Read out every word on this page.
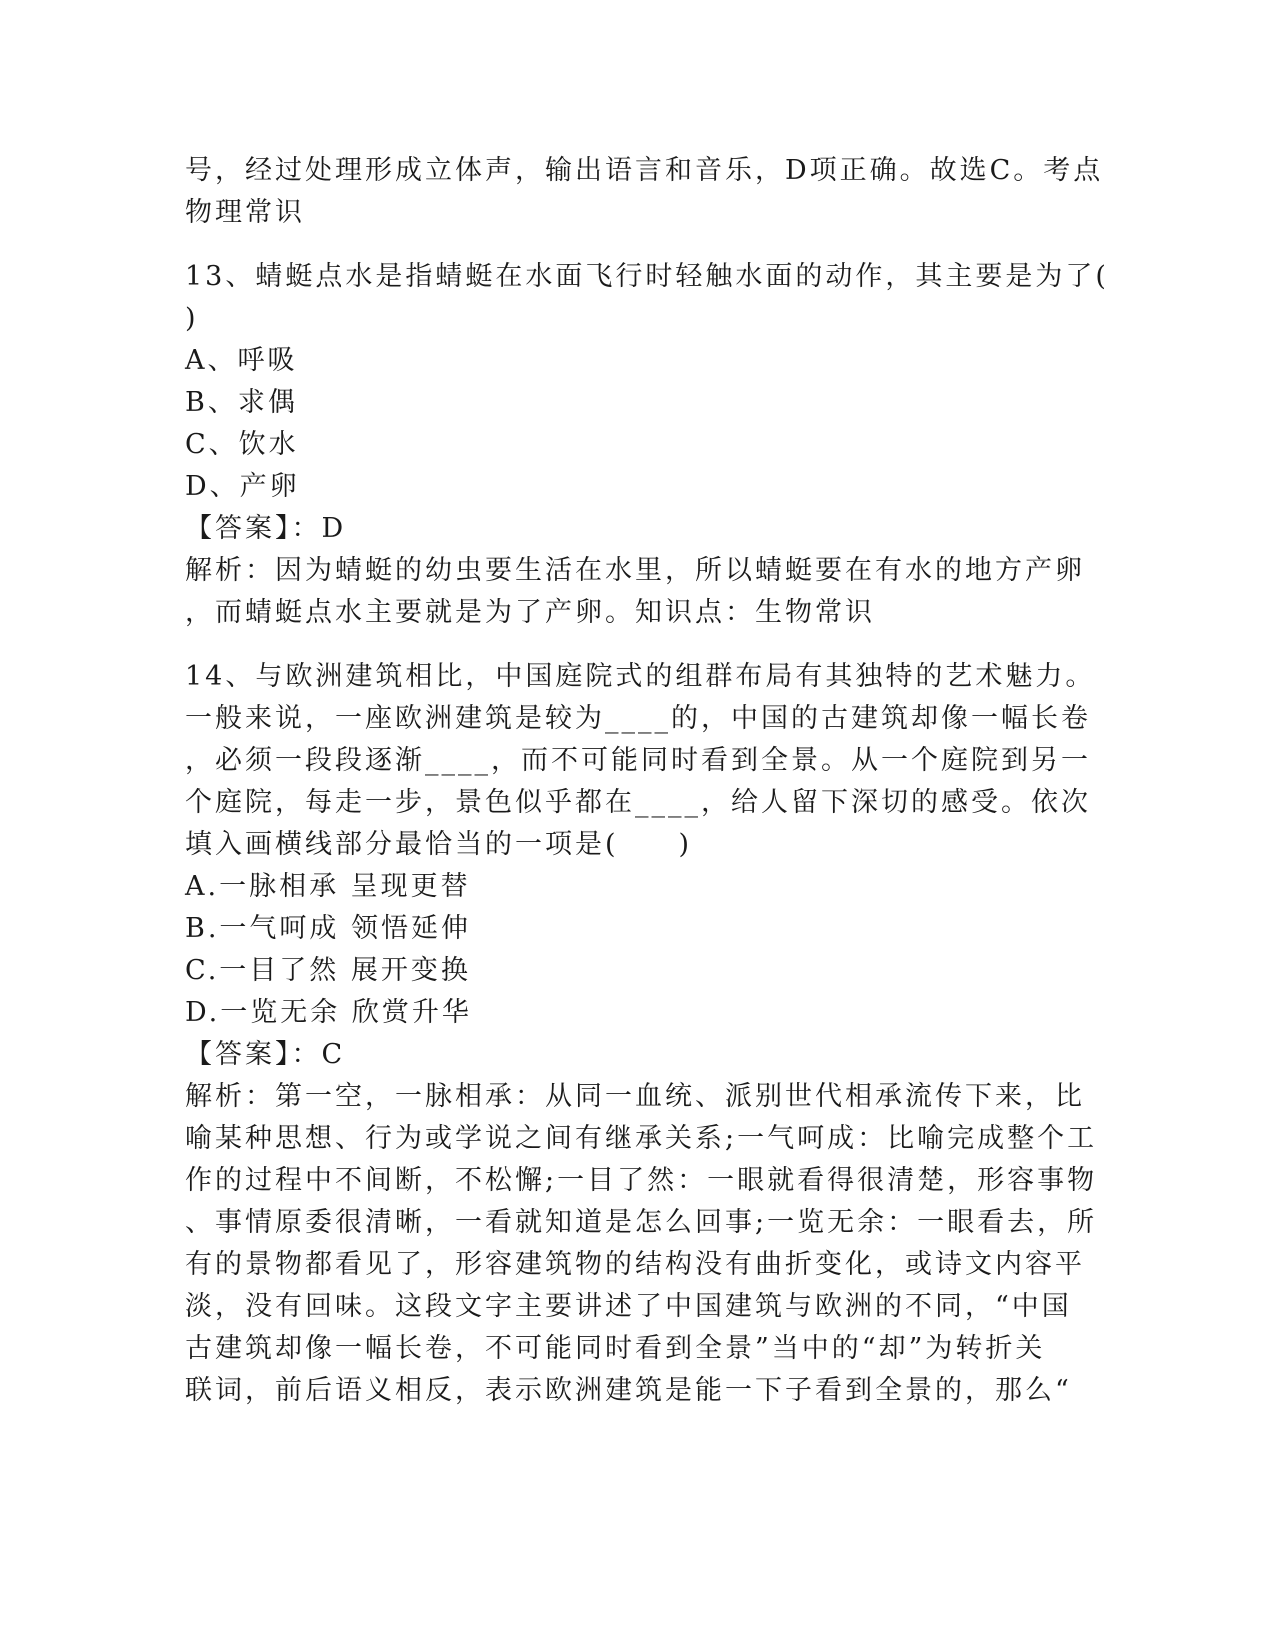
号，经过处理形成立体声，输出语言和音乐，D项正确。故选C。考点
物理常识
13、蜻蜓点水是指蜻蜓在水面飞行时轻触水面的动作，其主要是为了(
)
A、呼吸
B、求偶
C、饮水
D、产卵
【答案】：D
解析：因为蜻蜓的幼虫要生活在水里，所以蜻蜓要在有水的地方产卵
，而蜻蜓点水主要就是为了产卵。知识点：生物常识
14、与欧洲建筑相比，中国庭院式的组群布局有其独特的艺术魅力。
一般来说，一座欧洲建筑是较为____的，中国的古建筑却像一幅长卷
，必须一段段逐渐____，而不可能同时看到全景。从一个庭院到另一
个庭院，每走一步，景色似乎都在____，给人留下深切的感受。依次
填入画横线部分最恰当的一项是(　　)
A.一脉相承 呈现更替
B.一气呵成 领悟延伸
C.一目了然 展开变换
D.一览无余 欣赏升华
【答案】：C
解析：第一空，一脉相承：从同一血统、派别世代相承流传下来，比
喻某种思想、行为或学说之间有继承关系;一气呵成：比喻完成整个工
作的过程中不间断，不松懈;一目了然：一眼就看得很清楚，形容事物
、事情原委很清晰，一看就知道是怎么回事;一览无余：一眼看去，所
有的景物都看见了，形容建筑物的结构没有曲折变化，或诗文内容平
淡，没有回味。这段文字主要讲述了中国建筑与欧洲的不同，“中国
古建筑却像一幅长卷，不可能同时看到全景”当中的“却”为转折关
联词，前后语义相反，表示欧洲建筑是能一下子看到全景的，那么“
